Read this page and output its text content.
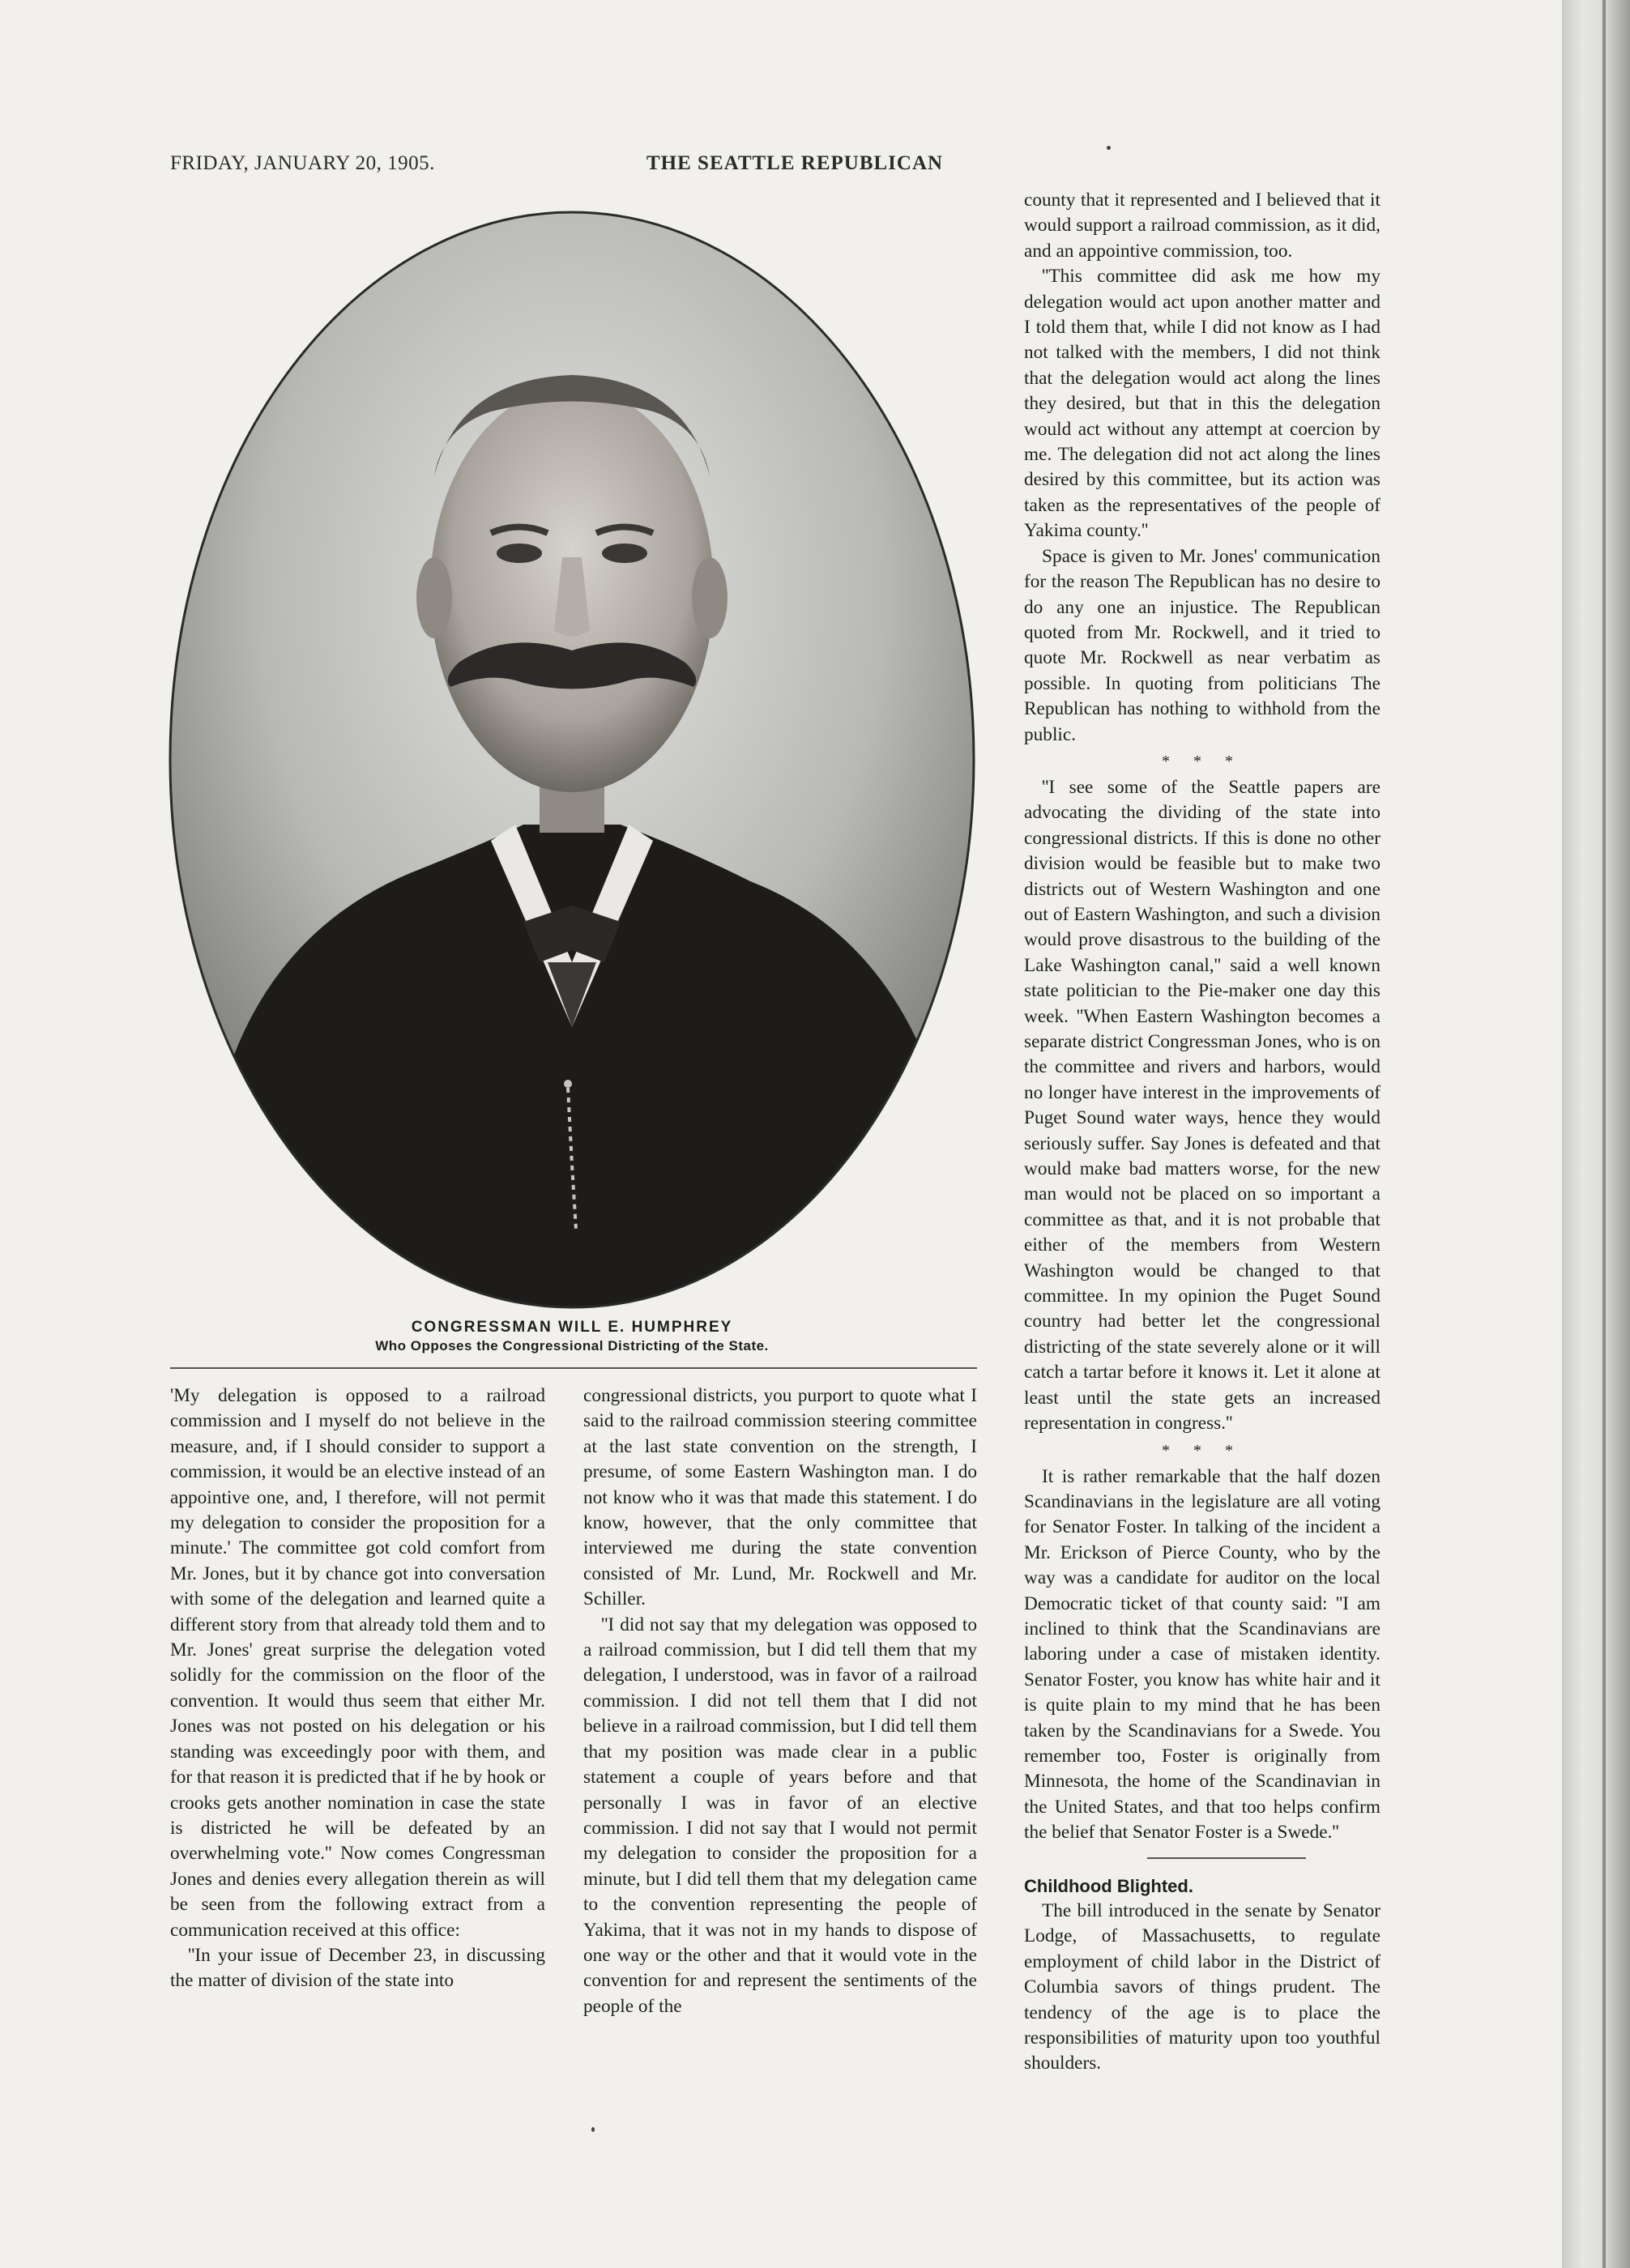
FRIDAY, JANUARY 20, 1905.	THE SEATTLE REPUBLICAN
CONGRESSMAN WILL E. HUMPHREY
Who Opposes the Congressional Districting of the State.

'My delegation is opposed to a railroad commission and I myself do not believe in the measure, and, if I should consider to support a commission, it would be an elective instead of an appointive one, and, I therefore, will not permit my delegation to consider the proposition for a minute.' The committee got cold comfort from Mr. Jones, but it by chance got into conversation with some of the delegation and learned quite a different story from that already told them and to Mr. Jones' great surprise the delegation voted solidly for the commission on the floor of the convention. It would thus seem that either Mr. Jones was not posted on his delegation or his standing was exceedingly poor with them, and for that reason it is predicted that if he by hook or crooks gets another nomination in case the state is districted he will be defeated by an overwhelming vote.'' Now comes Congressman Jones and denies every allegation therein as will be seen from the following extract from a communication received at this office:

''In your issue of December 23, in discussing the matter of division of the state into

congressional districts, you purport to quote what I said to the railroad commission steering committee at the last state convention on the strength, I presume, of some Eastern Washington man. I do not know who it was that made this statement. I do know, however, that the only committee that interviewed me during the state convention consisted of Mr. Lund, Mr. Rockwell and Mr. Schiller.

''I did not say that my delegation was opposed to a railroad commission, but I did tell them that my delegation, I understood, was in favor of a railroad commission. I did not tell them that I did not believe in a railroad commission, but I did tell them that my position was made clear in a public statement a couple of years before and that personally I was in favor of an elective commission. I did not say that I would not permit my delegation to consider the proposition for a minute, but I did tell them that my delegation came to the convention representing the people of Yakima, that it was not in my hands to dispose of one way or the other and that it would vote in the convention for and represent the sentiments of the people of the

county that it represented and I believed that it would support a railroad commission, as it did, and an appointive commission, too.

''This committee did ask me how my delegation would act upon another matter and I told them that, while I did not know as I had not talked with the members, I did not think that the delegation would act along the lines they desired, but that in this the delegation would act without any attempt at coercion by me. The delegation did not act along the lines desired by this committee, but its action was taken as the representatives of the people of Yakima county.''

Space is given to Mr. Jones' communication for the reason The Republican has no desire to do any one an injustice. The Republican quoted from Mr. Rockwell, and it tried to quote Mr. Rockwell as near verbatim as possible. In quoting from politicians The Republican has nothing to withhold from the public.

* * *

''I see some of the Seattle papers are advocating the dividing of the state into congressional districts. If this is done no other division would be feasible but to make two districts out of Western Washington and one out of Eastern Washington, and such a division would prove disastrous to the building of the Lake Washington canal,'' said a well known state politician to the Pie-maker one day this week. ''When Eastern Washington becomes a separate district Congressman Jones, who is on the committee and rivers and harbors, would no longer have interest in the improvements of Puget Sound water ways, hence they would seriously suffer. Say Jones is defeated and that would make bad matters worse, for the new man would not be placed on so important a committee as that, and it is not probable that either of the members from Western Washington would be changed to that committee. In my opinion the Puget Sound country had better let the congressional districting of the state severely alone or it will catch a tartar before it knows it. Let it alone at least until the state gets an increased representation in congress.''

* * *

It is rather remarkable that the half dozen Scandinavians in the legislature are all voting for Senator Foster. In talking of the incident a Mr. Erickson of Pierce County, who by the way was a candidate for auditor on the local Democratic ticket of that county said: ''I am inclined to think that the Scandinavians are laboring under a case of mistaken identity. Senator Foster, you know has white hair and it is quite plain to my mind that he has been taken by the Scandinavians for a Swede. You remember too, Foster is originally from Minnesota, the home of the Scandinavian in the United States, and that too helps confirm the belief that Senator Foster is a Swede.''

Childhood Blighted.

The bill introduced in the senate by Senator Lodge, of Massachusetts, to regulate employment of child labor in the District of Columbia savors of things prudent. The tendency of the age is to place the responsibilities of maturity upon too youthful shoulders.
